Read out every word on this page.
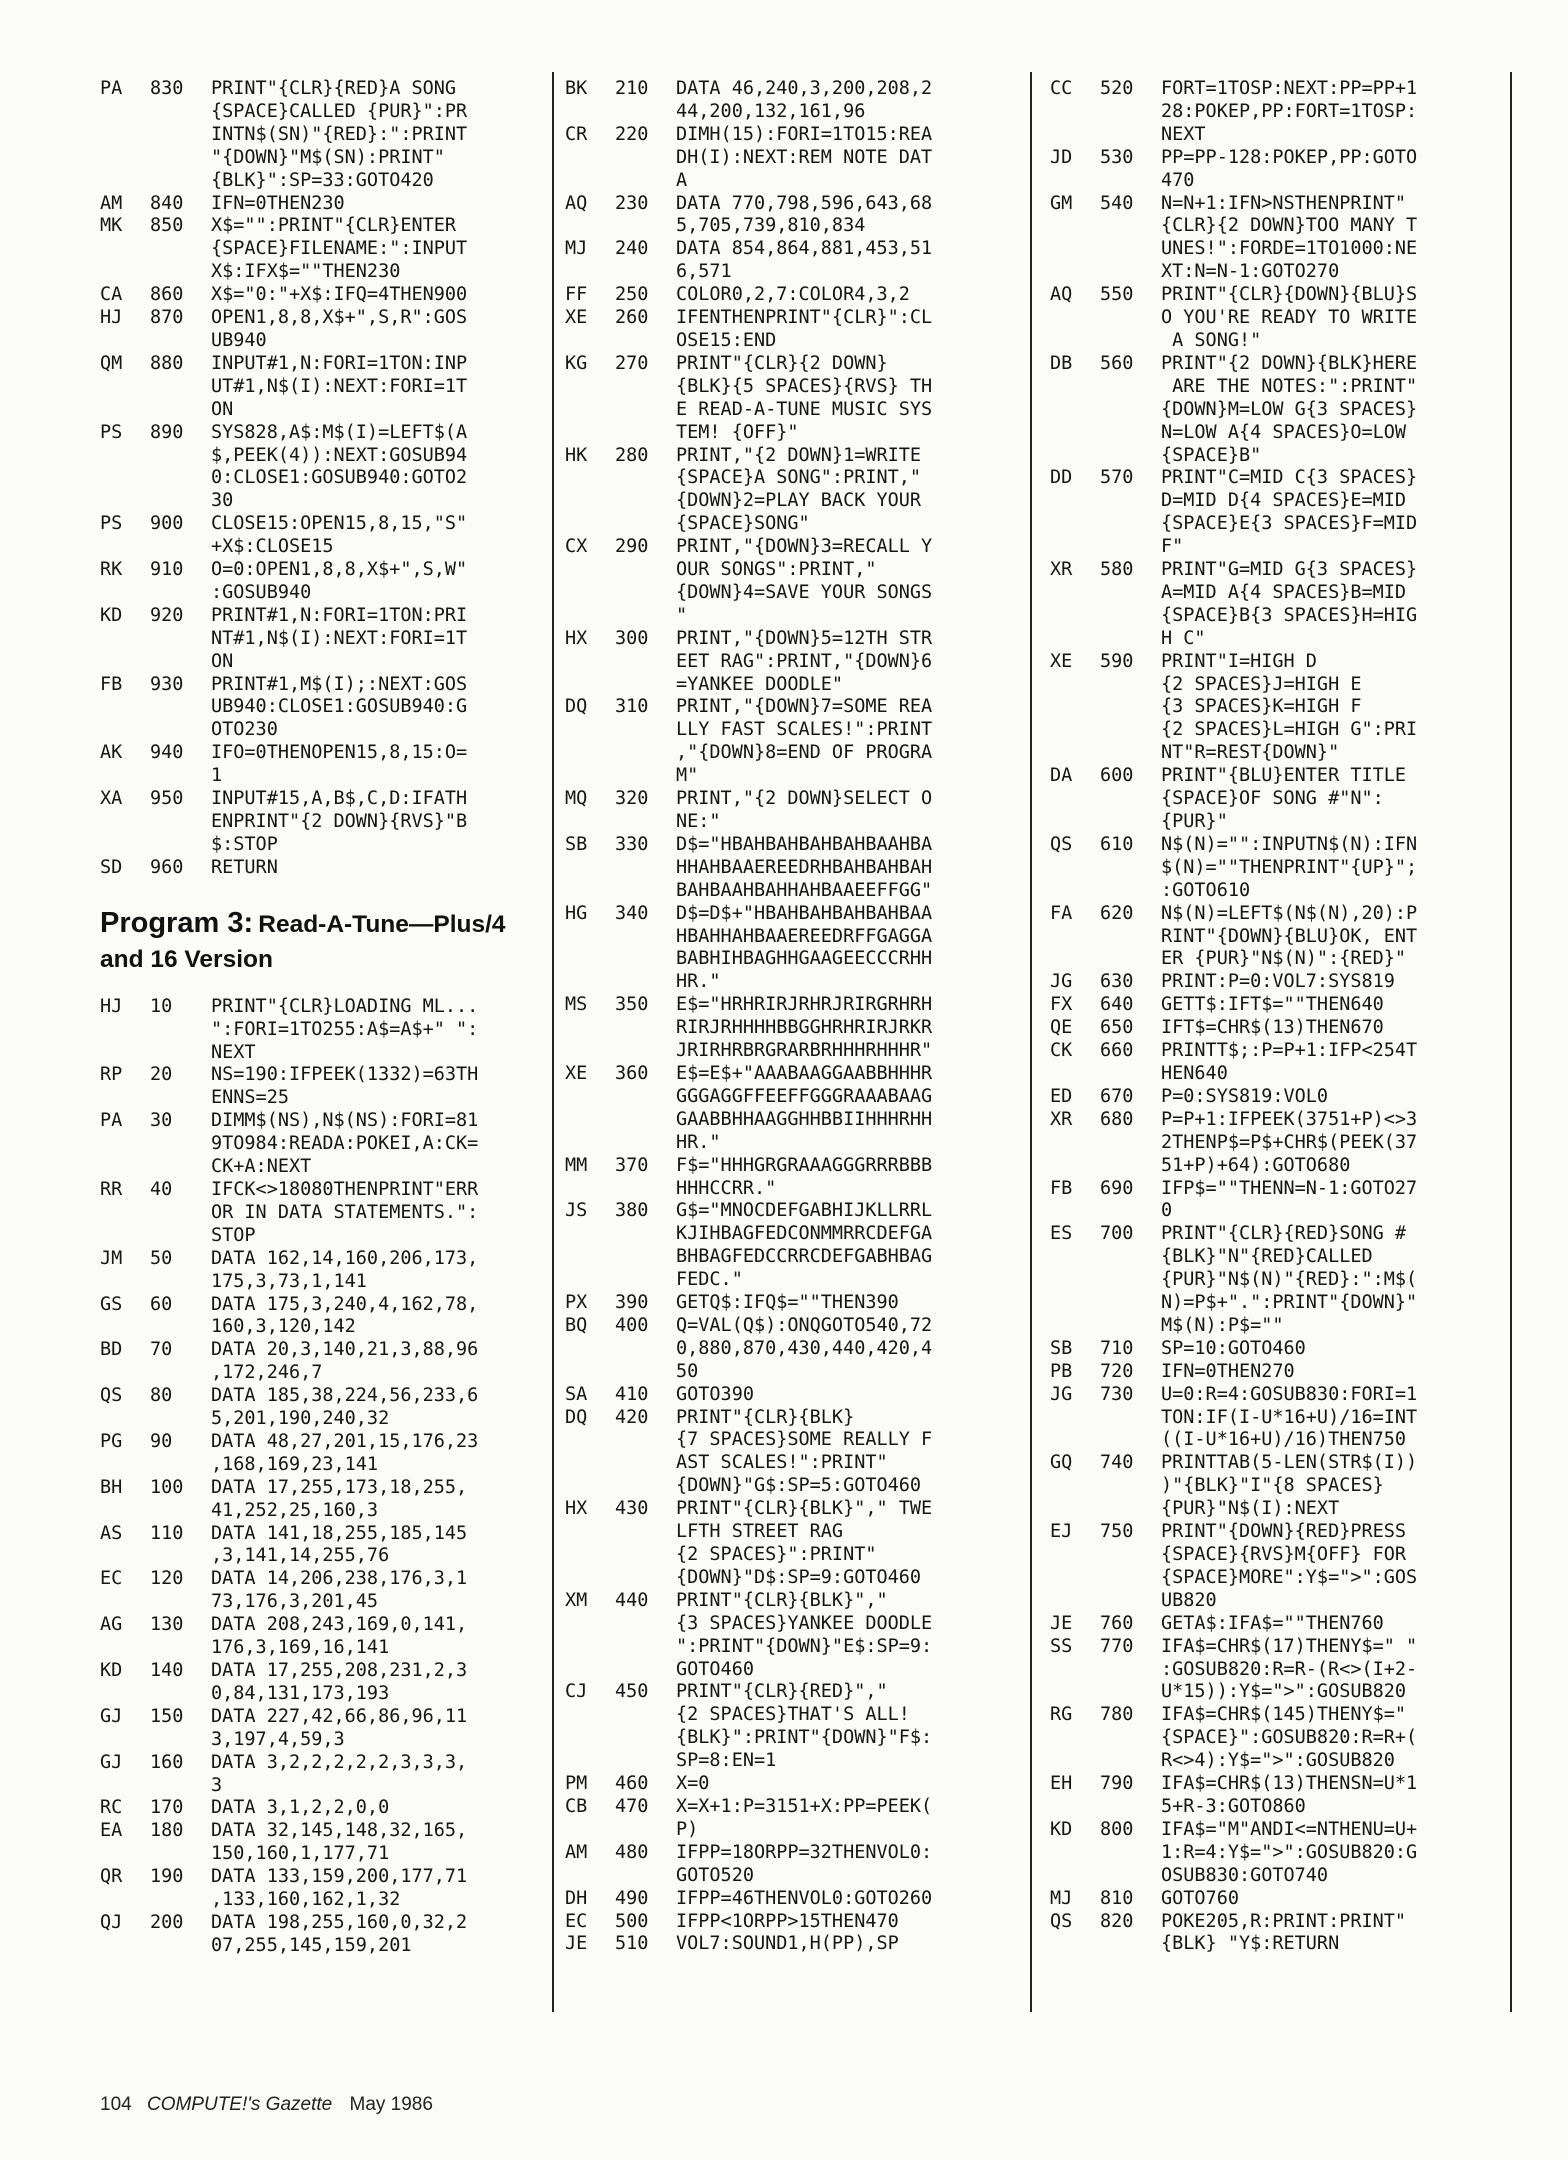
PA	830	PRINT"{CLR}{RED}A SONG
{SPACE}CALLED {PUR}":PR
INTN$(SN)"{RED}:":PRINT
"{DOWN}"M$(SN):PRINT"
{BLK}":SP=33:GOTO420
AM	840	IFN=0THEN230
MK	850	X$="":PRINT"{CLR}ENTER
{SPACE}FILENAME:":INPUT
X$:IFX$=""THEN230
CA	860	X$="0:"+X$:IFQ=4THEN900
HJ	870	OPEN1,8,8,X$+",S,R":GOS
UB940
QM	880	INPUT#1,N:FORI=1TON:INP
UT#1,N$(I):NEXT:FORI=1T
ON
PS	890	SYS828,A$:M$(I)=LEFT$(A
$,PEEK(4)):NEXT:GOSUB94
0:CLOSE1:GOSUB940:GOTO2
30
PS	900	CLOSE15:OPEN15,8,15,"S"
+X$:CLOSE15
RK	910	O=0:OPEN1,8,8,X$+",S,W"
:GOSUB940
KD	920	PRINT#1,N:FORI=1TON:PRI
NT#1,N$(I):NEXT:FORI=1T
ON
FB	930	PRINT#1,M$(I);:NEXT:GOS
UB940:CLOSE1:GOSUB940:G
OTO230
AK	940	IFO=0THENOPEN15,8,15:O=
1
XA	950	INPUT#15,A,B$,C,D:IFATH
ENPRINT"{2 DOWN}{RVS}"B
$:STOP
SD	960	RETURN
Program 3: Read-A-Tune—Plus/4 and 16 Version
HJ	10	PRINT"{CLR}LOADING ML...
":FORI=1TO255:A$=A$+" ":
NEXT
RP	20	NS=190:IFPEEK(1332)=63TH
ENNS=25
PA	30	DIMM$(NS),N$(NS):FORI=81
9TO984:READA:POKEI,A:CK=
CK+A:NEXT
RR	40	IFCK<>18080THENPRINT"ERR
OR IN DATA STATEMENTS.":
STOP
JM	50	DATA 162,14,160,206,173,
175,3,73,1,141
GS	60	DATA 175,3,240,4,162,78,
160,3,120,142
BD	70	DATA 20,3,140,21,3,88,96
,172,246,7
QS	80	DATA 185,38,224,56,233,6
5,201,190,240,32
PG	90	DATA 48,27,201,15,176,23
,168,169,23,141
BH	100	DATA 17,255,173,18,255,
41,252,25,160,3
AS	110	DATA 141,18,255,185,145
,3,141,14,255,76
EC	120	DATA 14,206,238,176,3,1
73,176,3,201,45
AG	130	DATA 208,243,169,0,141,
176,3,169,16,141
KD	140	DATA 17,255,208,231,2,3
0,84,131,173,193
GJ	150	DATA 227,42,66,86,96,11
3,197,4,59,3
GJ	160	DATA 3,2,2,2,2,2,3,3,3,
3
RC	170	DATA 3,1,2,2,0,0
EA	180	DATA 32,145,148,32,165,
150,160,1,177,71
QR	190	DATA 133,159,200,177,71
,133,160,162,1,32
QJ	200	DATA 198,255,160,0,32,2
07,255,145,159,201
BK	210	DATA 46,240,3,200,208,2
44,200,132,161,96
CR	220	DIMH(15):FORI=1TO15:REA
DH(I):NEXT:REM NOTE DAT
A
AQ	230	DATA 770,798,596,643,68
5,705,739,810,834
MJ	240	DATA 854,864,881,453,51
6,571
FF	250	COLOR0,2,7:COLOR4,3,2
XE	260	IFENTHENPRINT"{CLR}":CL
OSE15:END
KG	270	PRINT"{CLR}{2 DOWN}
{BLK}{5 SPACES}{RVS} TH
E READ-A-TUNE MUSIC SYS
TEM! {OFF}"
HK	280	PRINT,"{2 DOWN}1=WRITE
{SPACE}A SONG":PRINT,"
{DOWN}2=PLAY BACK YOUR
{SPACE}SONG"
CX	290	PRINT,"{DOWN}3=RECALL Y
OUR SONGS":PRINT,"
{DOWN}4=SAVE YOUR SONGS
"
HX	300	PRINT,"{DOWN}5=12TH STR
EET RAG":PRINT,"{DOWN}6
=YANKEE DOODLE"
DQ	310	PRINT,"{DOWN}7=SOME REA
LLY FAST SCALES!":PRINT
,"{DOWN}8=END OF PROGRA
M"
MQ	320	PRINT,"{2 DOWN}SELECT O
NE:"
SB	330	D$="HBAHBAHBAHBAHBAAHBA
HHAHBAAEREEDRHBAHBAHBAH
BAHBAAHBAHHAHBAAEEFFGG"
HG	340	D$=D$+"HBAHBAHBAHBAHBAA
HBAHHAHBAAEREEDRFFGAGGA
BABHIHBAGHHGAAGEECCCRHH
HR."
MS	350	E$="HRHRIRJRHRJRIRGRHRH
RIRJRHHHHBBGGHRHRIRJRKR
JRIRHRBRGRARBRHHHRHHHR"
XE	360	E$=E$+"AAABAAGGAABBHHHR
GGGAGGFFEEFFGGGRAAABAAG
GAABBHHAAGGHHBBIIHHHRHH
HR."
MM	370	F$="HHHGRGRAAAGGGRRRBBB
HHHCCRR."
JS	380	G$="MNOCDEFGABHIJKLLRRL
KJIHBAGFEDCONMMRRCDEFGA
BHBAGFEDCCRRCDEFGABHBAG
FEDC."
PX	390	GETQ$:IFQ$=""THEN390
BQ	400	Q=VAL(Q$):ONQGOTO540,72
0,880,870,430,440,420,4
50
SA	410	GOTO390
DQ	420	PRINT"{CLR}{BLK}
{7 SPACES}SOME REALLY F
AST SCALES!":PRINT"
{DOWN}"G$:SP=5:GOTO460
HX	430	PRINT"{CLR}{BLK}"," TWE
LFTH STREET RAG
{2 SPACES}":PRINT"
{DOWN}"D$:SP=9:GOTO460
XM	440	PRINT"{CLR}{BLK}","
{3 SPACES}YANKEE DOODLE
":PRINT"{DOWN}"E$:SP=9:
GOTO460
CJ	450	PRINT"{CLR}{RED}","
{2 SPACES}THAT'S ALL!
{BLK}":PRINT"{DOWN}"F$:
SP=8:EN=1
PM	460	X=0
CB	470	X=X+1:P=3151+X:PP=PEEK(
P)
AM	480	IFPP=18ORPP=32THENVOL0:
GOTO520
DH	490	IFPP=46THENVOL0:GOTO260
EC	500	IFPP<1ORPP>15THEN470
JE	510	VOL7:SOUND1,H(PP),SP
CC	520	FORT=1TOSP:NEXT:PP=PP+1
28:POKEP,PP:FORT=1TOSP:
NEXT
JD	530	PP=PP-128:POKEP,PP:GOTO
470
GM	540	N=N+1:IFN>NSTHENPRINT"
{CLR}{2 DOWN}TOO MANY T
UNES!":FORDE=1TO1000:NE
XT:N=N-1:GOTO270
AQ	550	PRINT"{CLR}{DOWN}{BLU}S
O YOU'RE READY TO WRITE
A SONG!"
DB	560	PRINT"{2 DOWN}{BLK}HERE
ARE THE NOTES:":PRINT"
{DOWN}M=LOW G{3 SPACES}
N=LOW A{4 SPACES}O=LOW
{SPACE}B"
DD	570	PRINT"C=MID C{3 SPACES}
D=MID D{4 SPACES}E=MID
{SPACE}E{3 SPACES}F=MID
F"
XR	580	PRINT"G=MID G{3 SPACES}
A=MID A{4 SPACES}B=MID
{SPACE}B{3 SPACES}H=HIG
H C"
XE	590	PRINT"I=HIGH D
{2 SPACES}J=HIGH E
{3 SPACES}K=HIGH F
{2 SPACES}L=HIGH G":PRI
NT"R=REST{DOWN}"
DA	600	PRINT"{BLU}ENTER TITLE
{SPACE}OF SONG #"N":
{PUR}"
QS	610	N$(N)="":INPUTN$(N):IFN
$(N)=""THENPRINT"{UP}";
:GOTO610
FA	620	N$(N)=LEFT$(N$(N),20):P
RINT"{DOWN}{BLU}OK, ENT
ER {PUR}"N$(N)":{RED}"
JG	630	PRINT:P=0:VOL7:SYS819
FX	640	GETT$:IFT$=""THEN640
QE	650	IFT$=CHR$(13)THEN670
CK	660	PRINTT$;:P=P+1:IFP<254T
HEN640
ED	670	P=0:SYS819:VOL0
XR	680	P=P+1:IFPEEK(3751+P)<>3
2THENP$=P$+CHR$(PEEK(37
51+P)+64):GOTO680
FB	690	IFP$=""THENN=N-1:GOTO27
0
ES	700	PRINT"{CLR}{RED}SONG #
{BLK}"N"{RED}CALLED
{PUR}"N$(N)"{RED}:":M$(
N)=P$+".":PRINT"{DOWN}"
M$(N):P$=""
SB	710	SP=10:GOTO460
PB	720	IFN=0THEN270
JG	730	U=0:R=4:GOSUB830:FORI=1
TON:IF(I-U*16+U)/16=INT
((I-U*16+U)/16)THEN750
GQ	740	PRINTTAB(5-LEN(STR$(I))
)"{BLK}"I"{8 SPACES}
{PUR}"N$(I):NEXT
EJ	750	PRINT"{DOWN}{RED}PRESS
{SPACE}{RVS}M{OFF} FOR
{SPACE}MORE":Y$=">":GOS
UB820
JE	760	GETA$:IFA$=""THEN760
SS	770	IFA$=CHR$(17)THENY$=" "
:GOSUB820:R=R-(R<>(I+2-
U*15)):Y$=">":GOSUB820
RG	780	IFA$=CHR$(145)THENY$="
{SPACE}":GOSUB820:R=R+(
R<>4):Y$=">":GOSUB820
EH	790	IFA$=CHR$(13)THENSN=U*1
5+R-3:GOTO860
KD	800	IFA$="M"ANDI<=NTHENU=U+
1:R=4:Y$=">":GOSUB820:G
OSUB830:GOTO740
MJ	810	GOTO760
QS	820	POKE205,R:PRINT:PRINT"
{BLK} "Y$:RETURN
104 COMPUTE!'s Gazette May 1986
